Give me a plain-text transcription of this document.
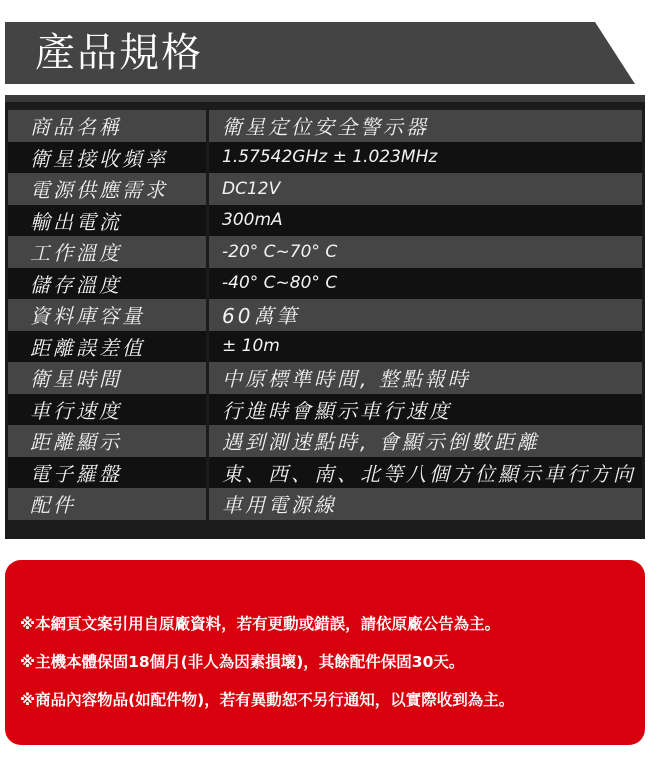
產品規格
商品名稱	衛星定位安全警示器
衛星接收頻率	1.57542GHz ± 1.023MHz
電源供應需求	DC12V
輸出電流	300mA
工作溫度	-20° C~70° C
儲存溫度	-40° C~80° C
資料庫容量	60萬筆
距離誤差值	± 10m
衛星時間	中原標準時間, 整點報時
車行速度	行進時會顯示車行速度
距離顯示	遇到測速點時, 會顯示倒數距離
電子羅盤	東、西、南、北等八個方位顯示車行方向
配件	車用電源線
※本網頁文案引用自原廠資料，若有更動或錯誤，請依原廠公告為主。
※主機本體保固18個月(非人為因素損壞)，其餘配件保固30天。
※商品內容物品(如配件物)，若有異動恕不另行通知，以實際收到為主。
